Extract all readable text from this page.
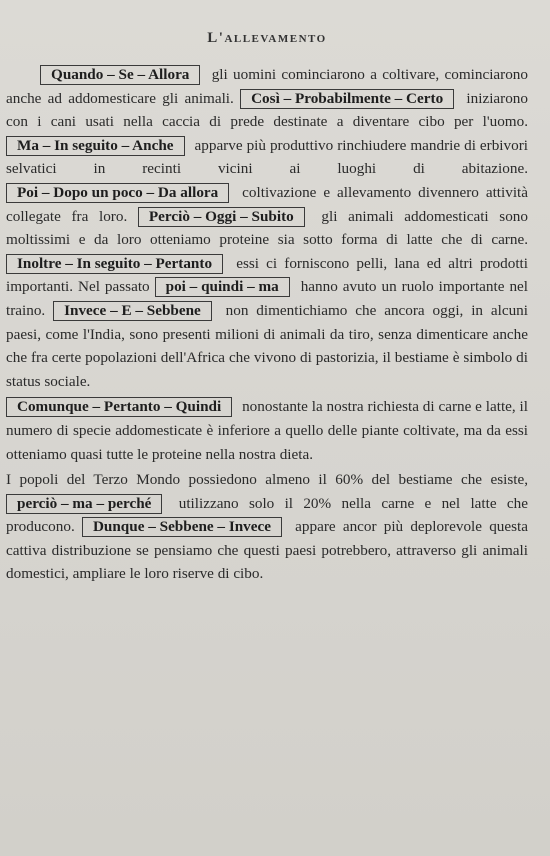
L'allevamento

Quando – Se – Allora gli uomini cominciarono a coltivare, cominciarono anche ad addomesticare gli animali. Così – Probabilmente – Certo iniziarono con i cani usati nella caccia di prede destinate a diventare cibo per l'uomo. Ma – In seguito – Anche apparve più produttivo rinchiudere mandrie di erbivori selvatici in recinti vicini ai luoghi di abitazione. Poi – Dopo un poco – Da allora coltivazione e allevamento divennero attività collegate fra loro. Perciò – Oggi – Subito gli animali addomesticati sono moltissimi e da loro otteniamo proteine sia sotto forma di latte che di carne. Inoltre – In seguito – Pertanto essi ci forniscono pelli, lana ed altri prodotti importanti. Nel passato poi – quindi – ma hanno avuto un ruolo importante nel traino. Invece – E – Sebbene non dimentichiamo che ancora oggi, in alcuni paesi, come l'India, sono presenti milioni di animali da tiro, senza dimenticare anche che fra certe popolazioni dell'Africa che vivono di pastorizia, il bestiame è simbolo di status sociale.

Comunque – Pertanto – Quindi nonostante la nostra richiesta di carne e latte, il numero di specie addomesticate è inferiore a quello delle piante coltivate, ma da essi otteniamo quasi tutte le proteine nella nostra dieta.

I popoli del Terzo Mondo possiedono almeno il 60% del bestiame che esiste, perciò – ma – perché utilizzano solo il 20% nella carne e nel latte che producono. Dunque – Sebbene – Invece appare ancor più deplorevole questa cattiva distribuzione se pensiamo che questi paesi potrebbero, attraverso gli animali domestici, ampliare le loro riserve di cibo.
